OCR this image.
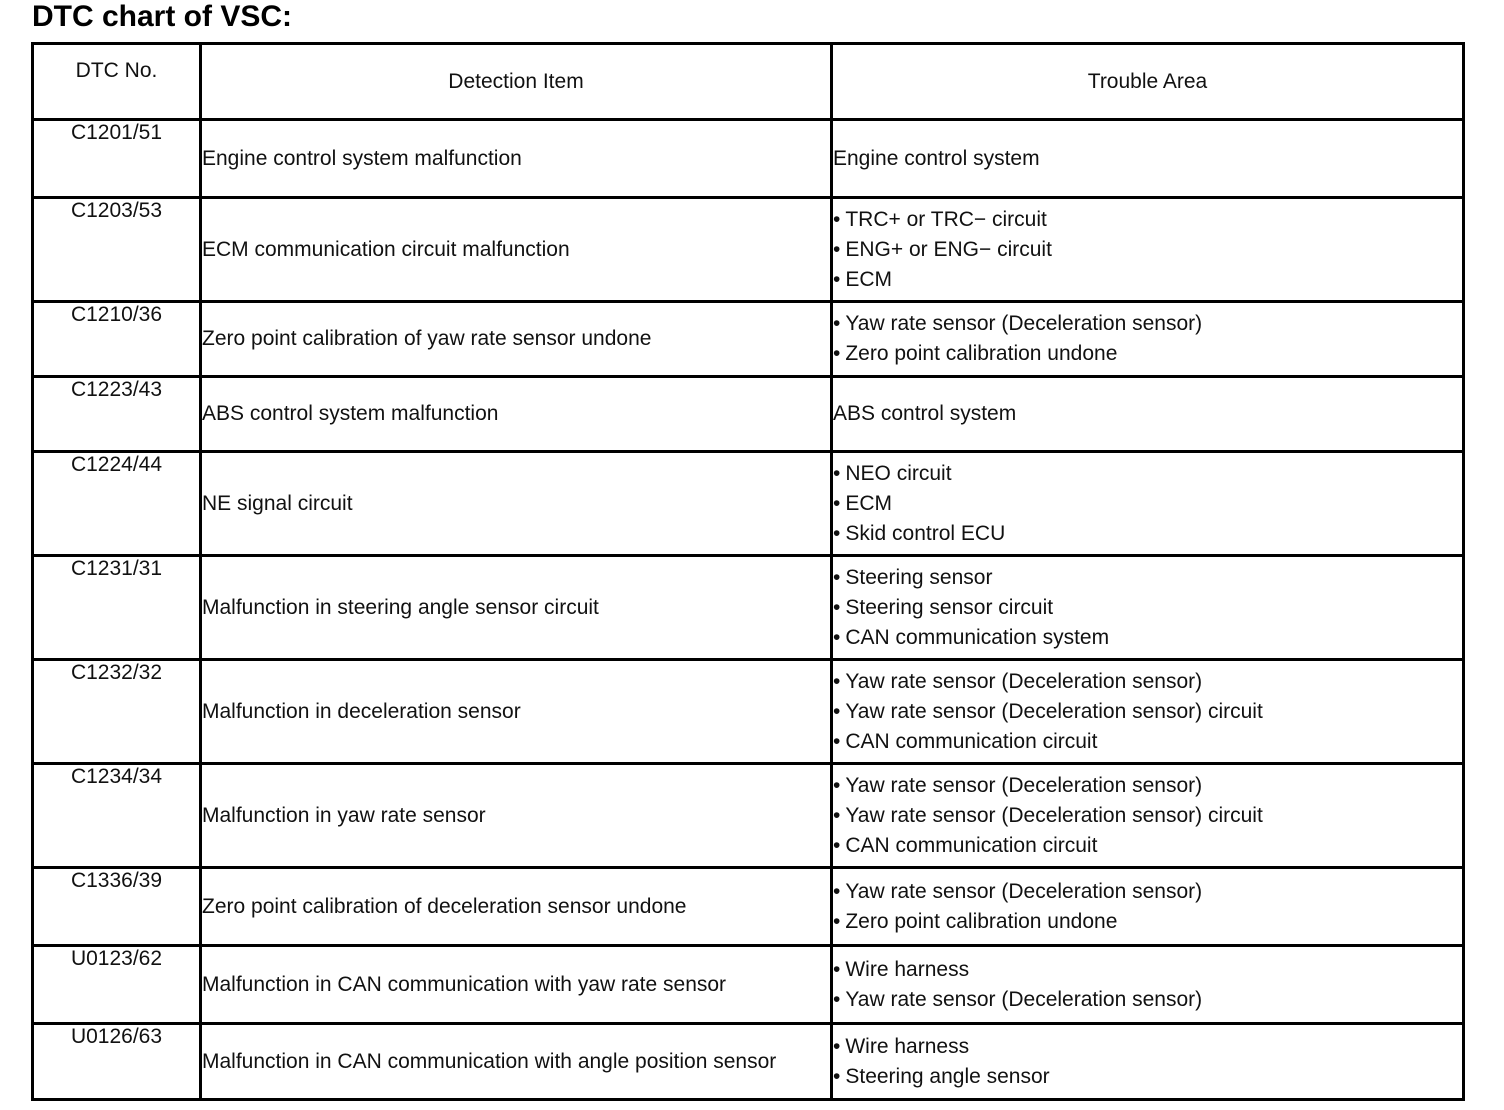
DTC chart of VSC:
DTC No.	Detection Item	Trouble Area
C1201/51	Engine control system malfunction	Engine control system
C1203/53	ECM communication circuit malfunction	• TRC+ or TRC− circuit
• ENG+ or ENG− circuit
• ECM

C1210/36	Zero point calibration of yaw rate sensor undone	• Yaw rate sensor (Deceleration sensor)
• Zero point calibration undone

C1223/43	ABS control system malfunction	ABS control system
C1224/44	NE signal circuit	• NEO circuit
• ECM
• Skid control ECU

C1231/31	Malfunction in steering angle sensor circuit	• Steering sensor
• Steering sensor circuit
• CAN communication system

C1232/32	Malfunction in deceleration sensor	• Yaw rate sensor (Deceleration sensor)
• Yaw rate sensor (Deceleration sensor) circuit
• CAN communication circuit

C1234/34	Malfunction in yaw rate sensor	• Yaw rate sensor (Deceleration sensor)
• Yaw rate sensor (Deceleration sensor) circuit
• CAN communication circuit

C1336/39	Zero point calibration of deceleration sensor undone	• Yaw rate sensor (Deceleration sensor)
• Zero point calibration undone

U0123/62	Malfunction in CAN communication with yaw rate sensor	• Wire harness
• Yaw rate sensor (Deceleration sensor)

U0126/63	Malfunction in CAN communication with angle position sensor	• Wire harness
• Steering angle sensor
